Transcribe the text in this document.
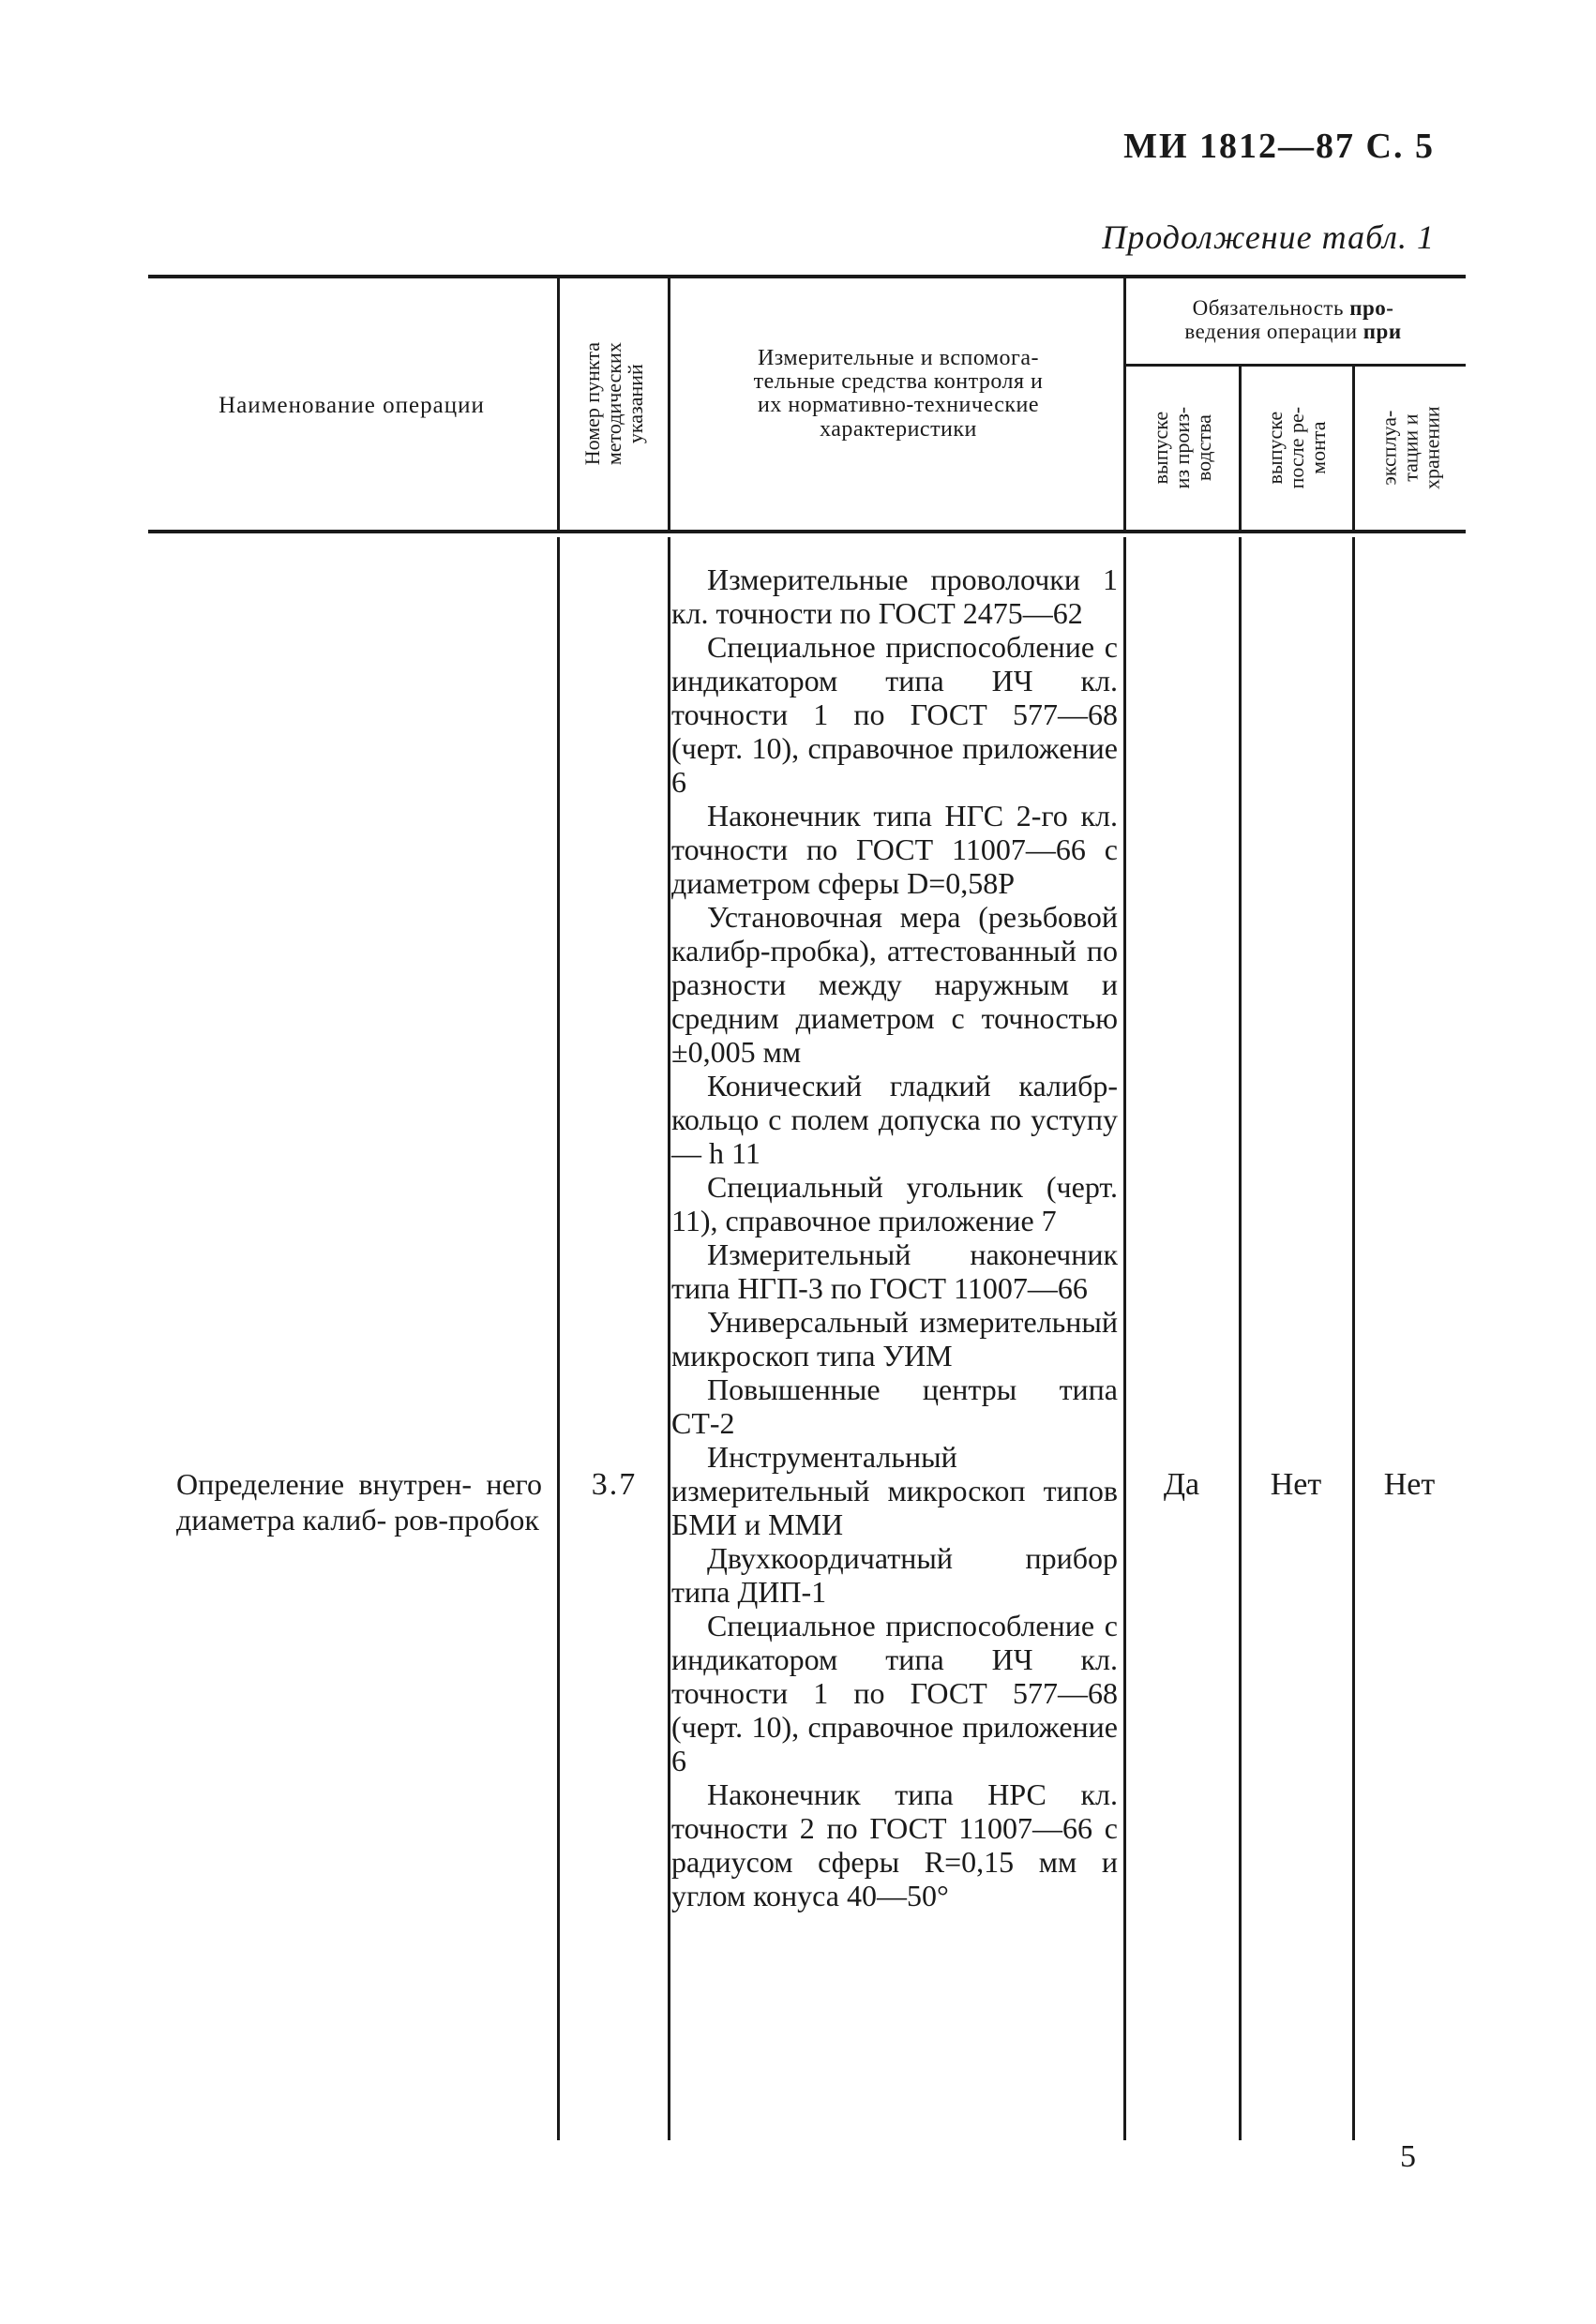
МИ 1812—87 С. 5
Продолжение табл. 1
Наименование операции
Номер пункта
методических
указаний
Измерительные и вспомога-
тельные средства контроля и
их нормативно-технические
характеристики
Обязательность про-
ведения операции при
выпуске
из произ-
водства выпуске
после ре-
монта эксплуа-
тации и
хранении
Определение внутрен- него диаметра калиб- ров-пробок
3.7

Измерительные проволочки 1 кл. точности по ГОСТ 2475—62

Специальное приспособление с индикатором типа ИЧ кл. точности 1 по ГОСТ 577—68 (черт. 10), справочное приложение 6

Наконечник типа НГС 2-го кл. точности по ГОСТ 11007—66 с диаметром сферы D=0,58P

Установочная мера (резьбовой калибр-пробка), аттестованный по разности между наружным и средним диаметром с точностью ±0,005 мм

Конический гладкий калибр-кольцо с полем допуска по уступу — h 11

Специальный угольник (черт. 11), справочное приложение 7

Измерительный наконечник типа НГП-3 по ГОСТ 11007—66

Универсальный измерительный микроскоп типа УИМ

Повышенные центры типа СТ-2

Инструментальный измерительный микроскоп типов БМИ и ММИ

Двухкоордичатный прибор типа ДИП-1

Специальное приспособление с индикатором типа ИЧ кл. точности 1 по ГОСТ 577—68 (черт. 10), справочное приложение 6

Наконечник типа НРС кл. точности 2 по ГОСТ 11007—66 с радиусом сферы R=0,15 мм и углом конуса 40—50°

Да	Нет	Нет
5
